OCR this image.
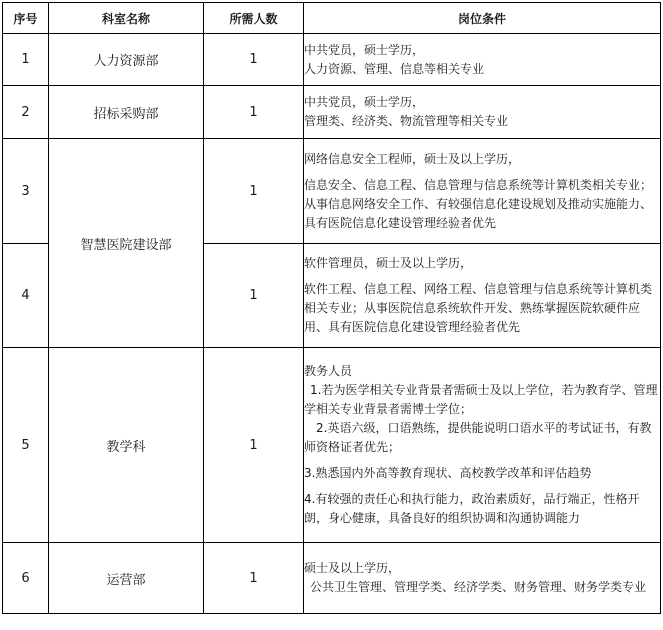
序号	科室名称	所需人数	岗位条件
1	人力资源部	1	中共党员，硕士学历，

人力资源、管理、信息等相关专业

2	招标采购部	1	中共党员，硕士学历，

管理类、经济类、物流管理等相关专业

3	智慧医院建设部	1	网络信息安全工程师，硕士及以上学历，

信息安全、信息工程、信息管理与信息系统等计算机类相关专业；从事信息网络安全工作、有较强信息化建设规划及推动实施能力、具有医院信息化建设管理经验者优先

4		1	软件管理员，硕士及以上学历，

软件工程、信息工程、网络工程、信息管理与信息系统等计算机类相关专业；从事医院信息系统软件开发、熟练掌握医院软硬件应用、具有医院信息化建设管理经验者优先

5	教学科	1	教务人员

1.若为医学相关专业背景者需硕士及以上学位，若为教育学、管理学相关专业背景者需博士学位；

2.英语六级，口语熟练，提供能说明口语水平的考试证书，有教师资格证者优先；

3.熟悉国内外高等教育现状、高校教学改革和评估趋势

4.有较强的责任心和执行能力，政治素质好，品行端正，性格开朗，身心健康，具备良好的组织协调和沟通协调能力

6	运营部	1	硕士及以上学历，

公共卫生管理、管理学类、经济学类、财务管理、财务学类专业
